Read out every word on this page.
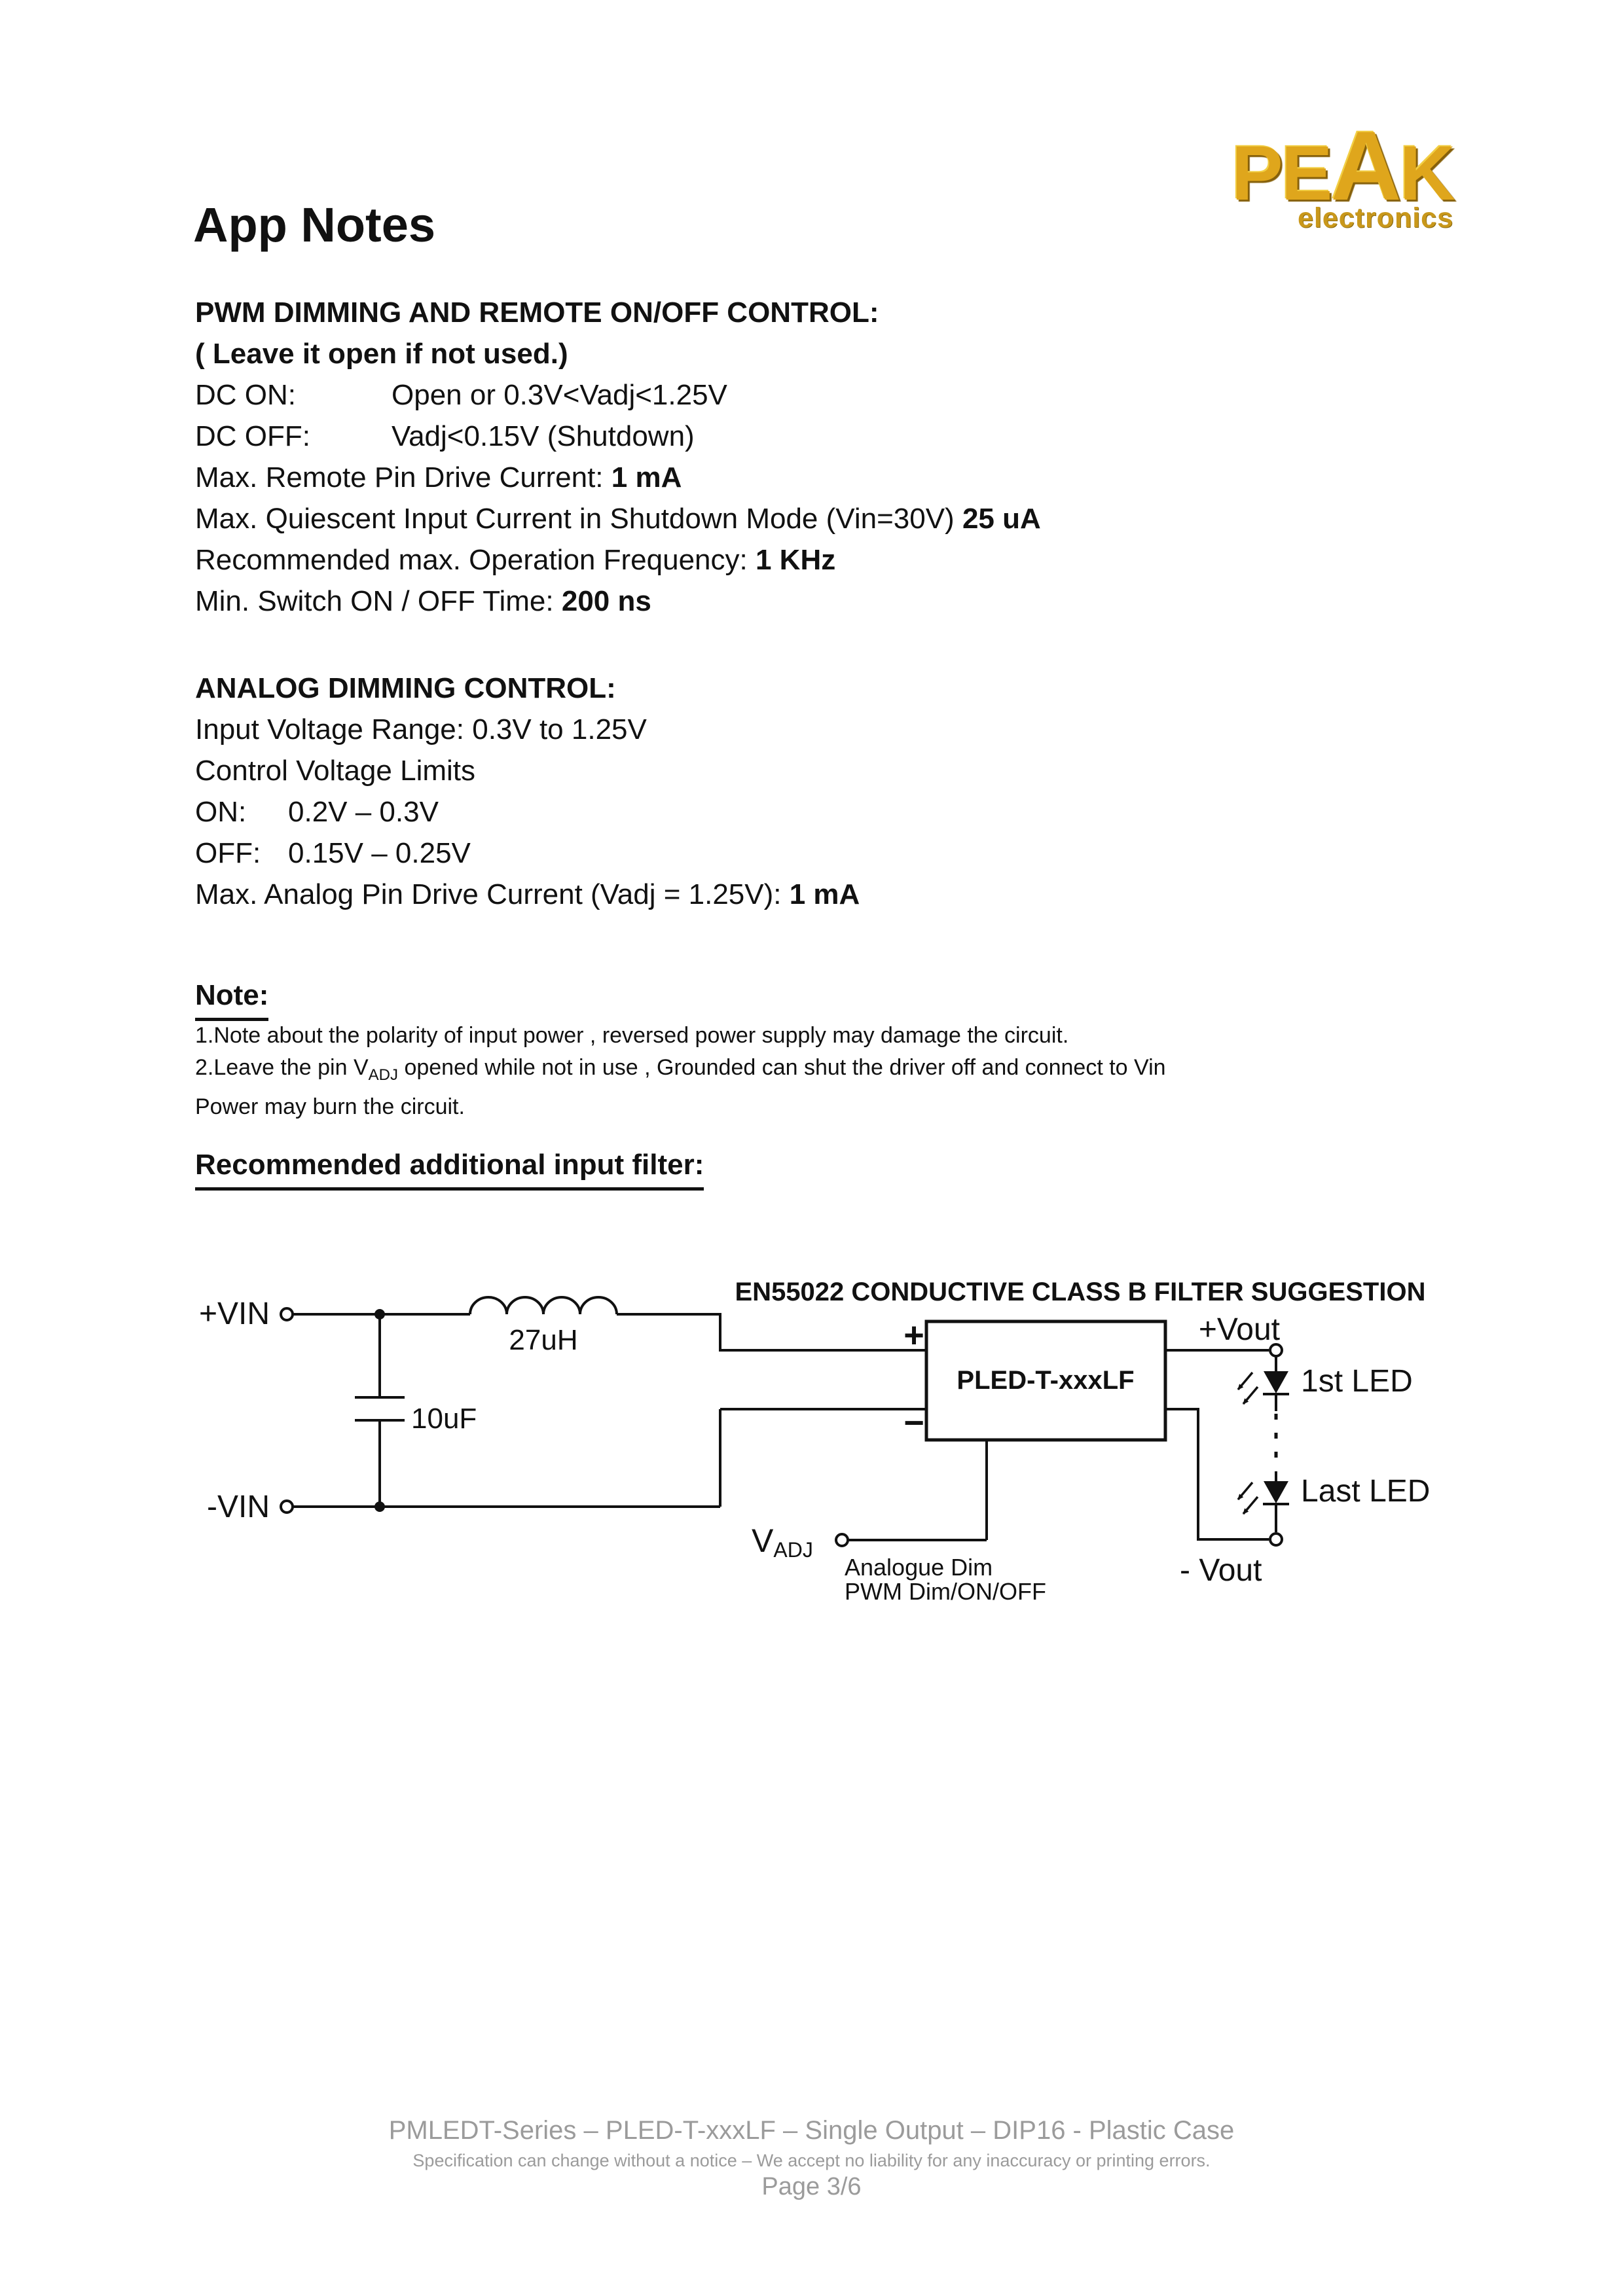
PEAK
electronics
App Notes
PWM DIMMING AND REMOTE ON/OFF CONTROL:
( Leave it open if not used.)
DC ON:	Open or 0.3V<Vadj<1.25V
DC OFF:	Vadj<0.15V (Shutdown)
Max. Remote Pin Drive Current: 1 mA
Max. Quiescent Input Current in Shutdown Mode (Vin=30V) 25 uA
Recommended max. Operation Frequency: 1 KHz
Min. Switch ON / OFF Time: 200 ns
ANALOG DIMMING CONTROL:
Input Voltage Range: 0.3V to 1.25V
Control Voltage Limits
ON: 0.2V – 0.3V
OFF: 0.15V – 0.25V
Max. Analog Pin Drive Current (Vadj = 1.25V): 1 mA
Note:
1.Note about the polarity of input power , reversed power supply may damage the circuit.
2.Leave the pin $V_{ADJ}$ opened while not in use , Grounded can shut the driver off and connect to Vin
Power may burn the circuit.
Recommended additional input filter:
EN55022 CONDUCTIVE CLASS B FILTER SUGGESTION
+VIN
-VIN
27uH
10uF
+
−
PLED-T-xxxLF
+Vout
1st LED
Last LED
- Vout
VADJ
Analogue Dim
PWM Dim/ON/OFF
PMLEDT-Series – PLED-T-xxxLF – Single Output – DIP16 - Plastic Case
Specification can change without a notice – We accept no liability for any inaccuracy or printing errors.
Page 3/6
